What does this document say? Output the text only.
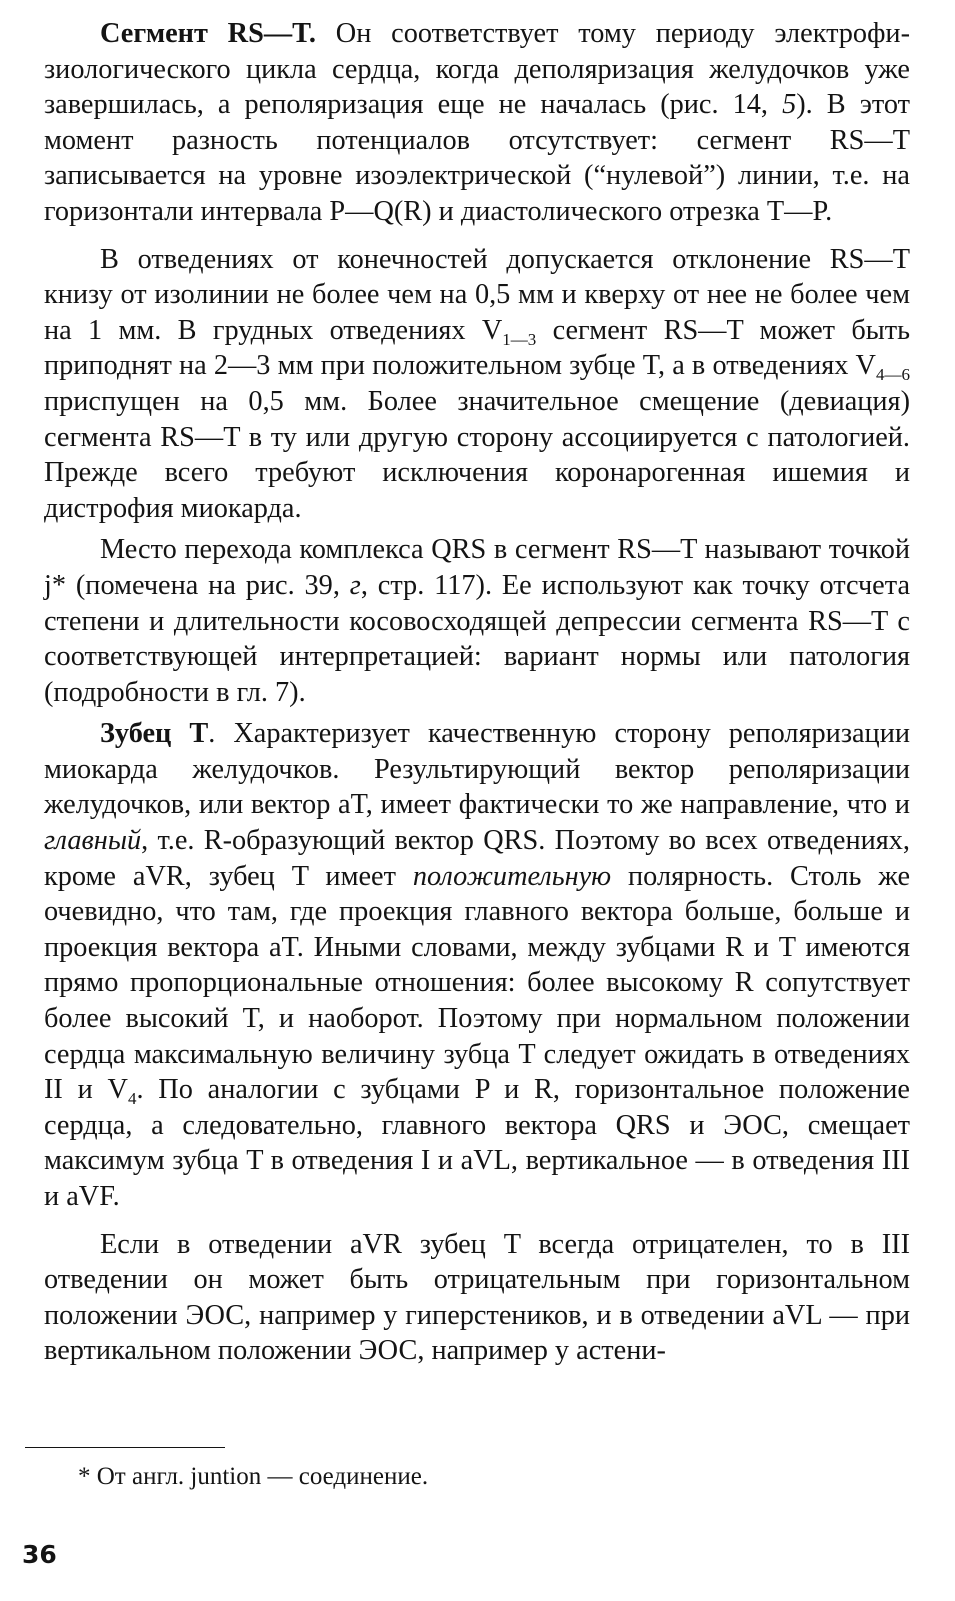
Сегмент RS—T. Он соответствует тому периоду электрофизиологического цикла сердца, когда деполяризация желудочков уже завершилась, а реполяризация еще не началась (рис. 14, 5). В этот момент разность потенциалов отсутствует: сегмент RS—T записывается на уровне изоэлектрической (“нулевой”) линии, т.е. на горизонтали интервала P—Q(R) и диастолического отрезка T—P.

В отведениях от конечностей допускается отклонение RS—T книзу от изолинии не более чем на 0,5 мм и кверху от нее не более чем на 1 мм. В грудных отведениях $V_{1—3}$ сегмент RS—T может быть приподнят на 2—3 мм при положительном зубце T, а в отведениях $V_{4—6}$ приспущен на 0,5 мм. Более значительное смещение (девиация) сегмента RS—T в ту или другую сторону ассоциируется с патологией. Прежде всего требуют исключения коронарогенная ишемия и дистрофия миокарда.

Место перехода комплекса QRS в сегмент RS—T называют точкой j* (помечена на рис. 39, г, стр. 117). Ее используют как точку отсчета степени и длительности косовосходящей депрессии сегмента RS—T с соответствующей интерпретацией: вариант нормы или патология (подробности в гл. 7).

Зубец T. Характеризует качественную сторону реполяризации миокарда желудочков. Результирующий вектор реполяризации желудочков, или вектор aT, имеет фактически то же направление, что и главный, т.е. R-образующий вектор QRS. Поэтому во всех отведениях, кроме aVR, зубец T имеет положительную полярность. Столь же очевидно, что там, где проекция главного вектора больше, больше и проекция вектора aT. Иными словами, между зубцами R и T имеются прямо пропорциональные отношения: более высокому R сопутствует более высокий T, и наоборот. Поэтому при нормальном положении сердца максимальную величину зубца T следует ожидать в отведениях II и $V_4$. По аналогии с зубцами P и R, горизонтальное положение сердца, а следовательно, главного вектора QRS и ЭОС, смещает максимум зубца T в отведения I и aVL, вертикальное — в отведения III и aVF.

Если в отведении aVR зубец T всегда отрицателен, то в III отведении он может быть отрицательным при горизонтальном положении ЭОС, например у гиперстеников, и в отведении aVL — при вертикальном положении ЭОС, например у астени-

* От англ. juntion — соединение.

36
